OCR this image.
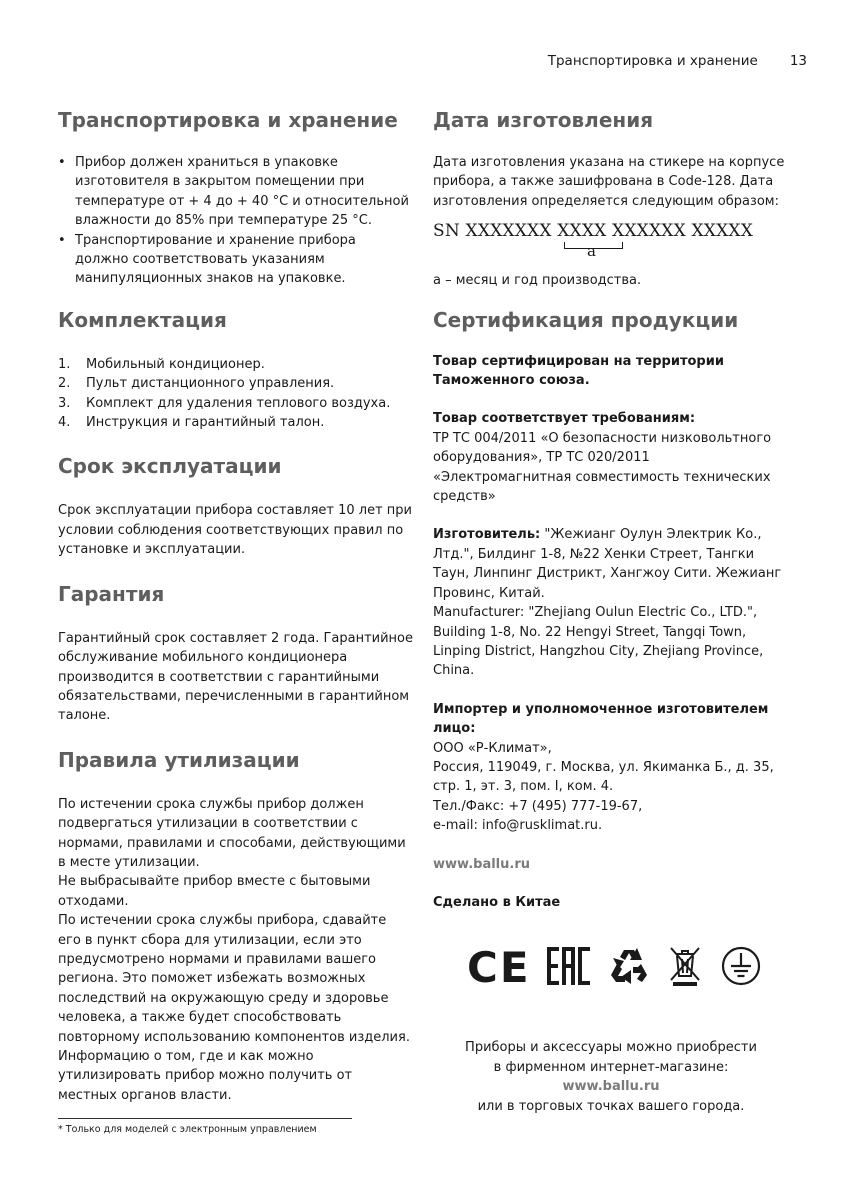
Транспортировка и хранение 13
Транспортировка и хранение
• Прибор должен храниться в упаковке изготовителя в закрытом помещении при температуре от + 4 до + 40 °С и относительной влажности до 85% при температуре 25 °С.
• Транспортирование и хранение прибора должно соответствовать указаниям манипуляционных знаков на упаковке.
Комплектация
1. Мобильный кондиционер.
2. Пульт дистанционного управления.
3. Комплект для удаления теплового воздуха.
4. Инструкция и гарантийный талон.
Срок эксплуатации

Срок эксплуатации прибора составляет 10 лет при условии соблюдения соответствующих правил по установке и эксплуатации.

Гарантия

Гарантийный срок составляет 2 года. Гарантийное обслуживание мобильного кондиционера производится в соответствии с гарантийными обязательствами, перечисленными в гарантийном талоне.

Правила утилизации

По истечении срока службы прибор должен подвергаться утилизации в соответствии с нормами, правилами и способами, действующими в месте утилизации.

Не выбрасывайте прибор вместе с бытовыми отходами.

По истечении срока службы прибора, сдавайте его в пункт сбора для утилизации, если это предусмотрено нормами и правилами вашего региона. Это поможет избежать возможных последствий на окружающую среду и здоровье человека, а также будет способствовать повторному использованию компонентов изделия.

Информацию о том, где и как можно утилизировать прибор можно получить от местных органов власти.

* Только для моделей с электронным управлением
Дата изготовления

Дата изготовления указана на стикере на корпусе прибора, а также зашифрована в Code-128. Дата изготовления определяется следующим образом:

SN XXXXXXX XXXX XXXXXX XXXXX
a

а – месяц и год производства.

Сертификация продукции

Товар сертифицирован на территории Таможенного союза.

Товар соответствует требованиям:

ТР ТС 004/2011 «О безопасности низковольтного оборудования», ТР ТС 020/2011 «Электромагнитная совместимость технических средств»

Изготовитель: "Жежианг Оулун Электрик Ко., Лтд.", Билдинг 1-8, №22 Хенки Стреет, Тангки Таун, Линпинг Дистрикт, Хангжоу Сити. Жежианг Провинс, Китай.

Manufacturer: "Zhejiang Oulun Electric Co., LTD.", Building 1-8, No. 22 Hengyi Street, Tangqi Town, Linping District, Hangzhou City, Zhejiang Province, China.

Импортер и уполномоченное изготовителем лицо:

ООО «Р-Климат»,

Россия, 119049, г. Москва, ул. Якиманка Б., д. 35, стр. 1, эт. 3, пом. I, ком. 4.

Тел./Факс: +7 (495) 777-19-67,

e-mail: info@rusklimat.ru.

www.ballu.ru

Сделано в Китае

CE
Приборы и аксессуары можно приобрести
в фирменном интернет-магазине:
www.ballu.ru
или в торговых точках вашего города.
